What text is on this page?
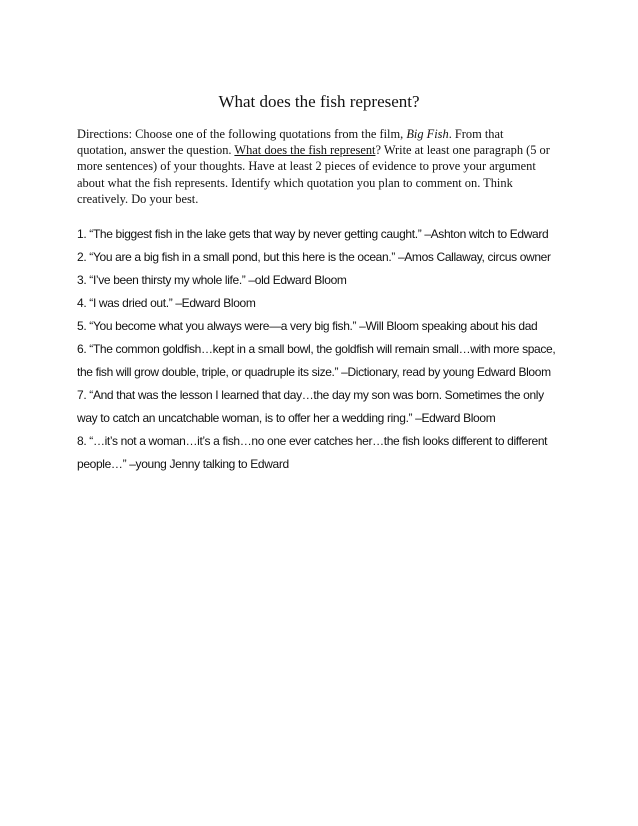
What does the fish represent?
Directions: Choose one of the following quotations from the film, Big Fish. From that
quotation, answer the question. What does the fish represent? Write at least one paragraph (5 or
more sentences) of your thoughts. Have at least 2 pieces of evidence to prove your argument
about what the fish represents. Identify which quotation you plan to comment on. Think
creatively. Do your best.
1. “The biggest fish in the lake gets that way by never getting caught.” –Ashton witch to Edward
2. “You are a big fish in a small pond, but this here is the ocean.” –Amos Callaway, circus owner
3. “I’ve been thirsty my whole life.” –old Edward Bloom
4. “I was dried out.” –Edward Bloom
5. “You become what you always were—a very big fish.” –Will Bloom speaking about his dad
6. “The common goldfish…kept in a small bowl, the goldfish will remain small…with more space,
the fish will grow double, triple, or quadruple its size.” –Dictionary, read by young Edward Bloom
7. “And that was the lesson I learned that day…the day my son was born. Sometimes the only
way to catch an uncatchable woman, is to offer her a wedding ring.” –Edward Bloom
8. “…it’s not a woman…it’s a fish…no one ever catches her…the fish looks different to different
people…” –young Jenny talking to Edward
